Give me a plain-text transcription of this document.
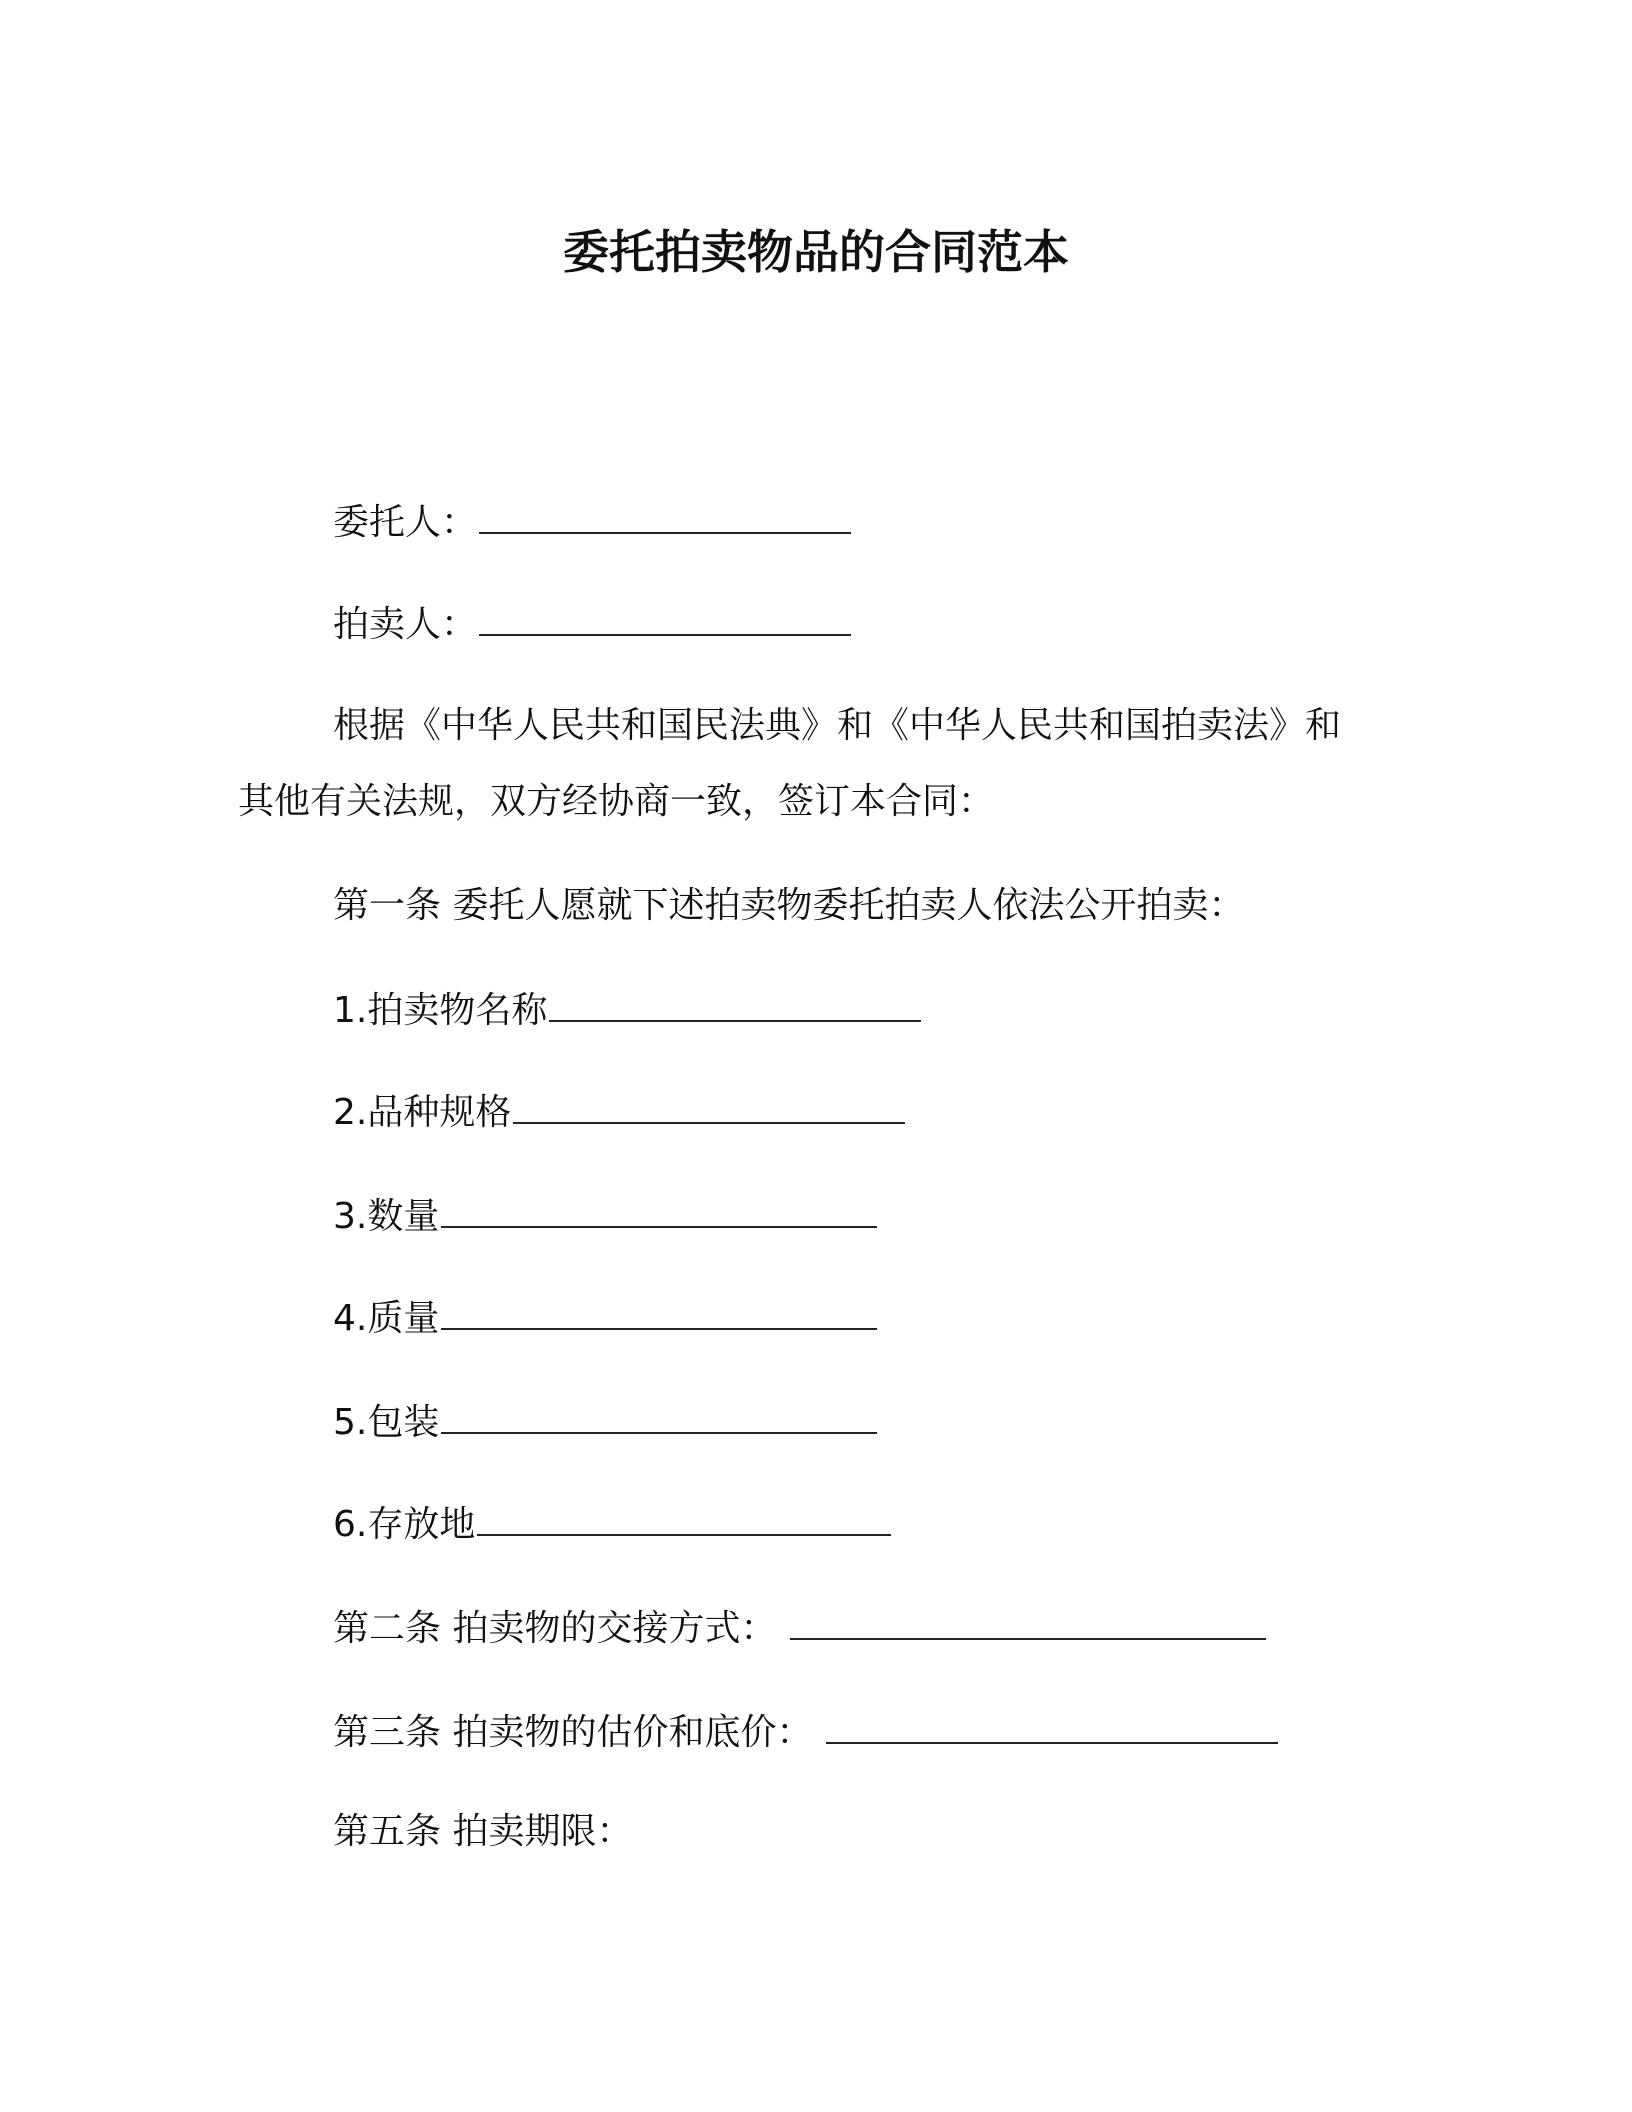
委托拍卖物品的合同范本
委托人：
拍卖人：
根据《中华人民共和国民法典》和《中华人民共和国拍卖法》和
其他有关法规，双方经协商一致，签订本合同：
第一条 委托人愿就下述拍卖物委托拍卖人依法公开拍卖：
1.拍卖物名称
2.品种规格
3.数量
4.质量
5.包装
6.存放地
第二条 拍卖物的交接方式：
第三条 拍卖物的估价和底价：
第五条 拍卖期限：
